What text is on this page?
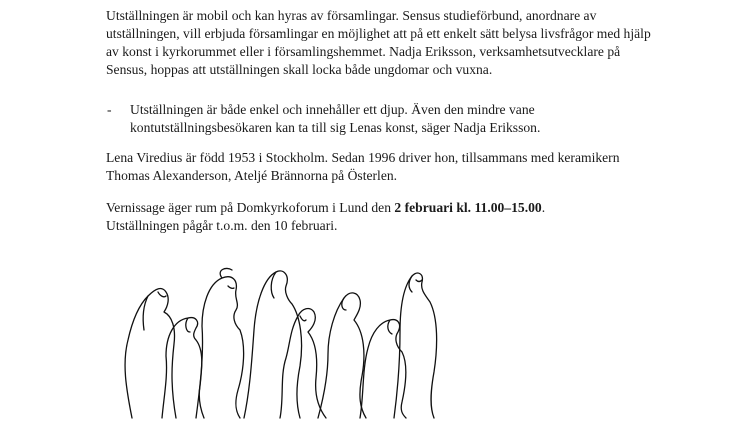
Utställningen är mobil och kan hyras av församlingar. Sensus studieförbund, anordnare av utställningen, vill erbjuda församlingar en möjlighet att på ett enkelt sätt belysa livsfrågor med hjälp av konst i kyrkorummet eller i församlingshemmet. Nadja Eriksson, verksamhetsutvecklare på Sensus, hoppas att utställningen skall locka både ungdomar och vuxna.

- Utställningen är både enkel och innehåller ett djup. Även den mindre vane kontutställningsbesökaren kan ta till sig Lenas konst, säger Nadja Eriksson.

Lena Viredius är född 1953 i Stockholm. Sedan 1996 driver hon, tillsammans med keramikern Thomas Alexanderson, Ateljé Brännorna på Österlen.

Vernissage äger rum på Domkyrkoforum i Lund den 2 februari kl. 11.00–15.00.

Utställningen pågår t.o.m. den 10 februari.
